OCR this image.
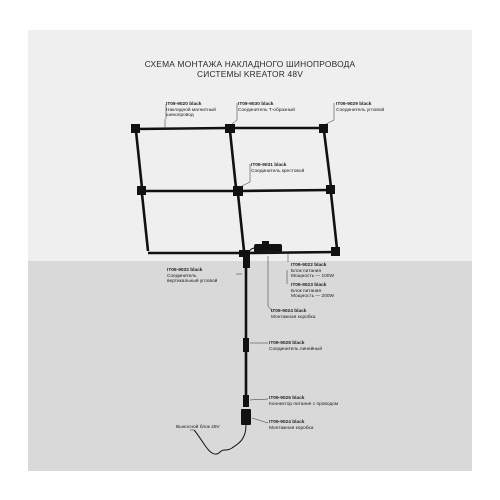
СХЕМА МОНТАЖА НАКЛАДНОГО ШИНОПРОВОДА
СИСТЕМЫ KREATOR 48V
IT09-9020 black
Накладной магнитный
шинопровод
IT09-9030 black
Соединитель Т-образный
IT09-9029 black
Соединитель угловой
IT09-9031 black
Соединитель крестовой
IT09-9022 black
Блок питания
Мощность — 100W
IT09-9023 black
Блок питания
Мощность — 200W
IT09-9032 black
Соединитель
вертикальный угловой
IT09-9024 black
Монтажная коробка
IT09-9028 black
Соединитель линейный
IT09-9025 black
Коннектор питания с проводом
IT09-9024 black
Монтажная коробка
Выносной блок 48V
